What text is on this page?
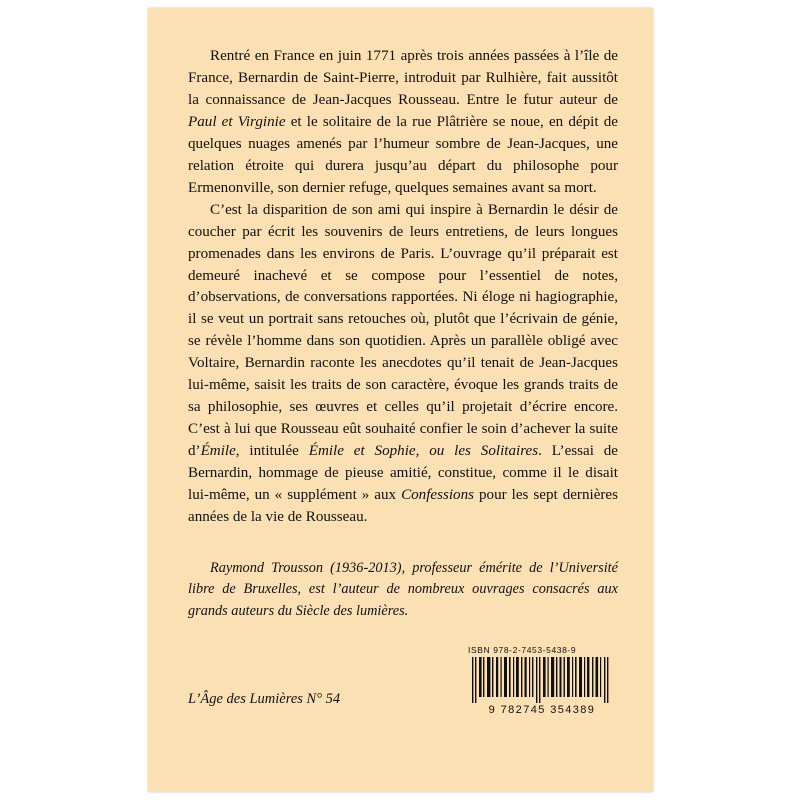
Rentré en France en juin 1771 après trois années passées à l’île de France, Bernardin de Saint-Pierre, introduit par Rulhière, fait aussitôt la connaissance de Jean-Jacques Rousseau. Entre le futur auteur de Paul et Virginie et le solitaire de la rue Plâtrière se noue, en dépit de quelques nuages amenés par l’humeur sombre de Jean-Jacques, une relation étroite qui durera jusqu’au départ du philosophe pour Ermenonville, son dernier refuge, quelques semaines avant sa mort.

C’est la disparition de son ami qui inspire à Bernardin le désir de coucher par écrit les souvenirs de leurs entretiens, de leurs longues promenades dans les environs de Paris. L’ouvrage qu’il préparait est demeuré inachevé et se compose pour l’essentiel de notes, d’observations, de conversations rapportées. Ni éloge ni hagiographie, il se veut un portrait sans retouches où, plutôt que l’écrivain de génie, se révèle l’homme dans son quotidien. Après un parallèle obligé avec Voltaire, Bernardin raconte les anecdotes qu’il tenait de Jean-Jacques lui-même, saisit les traits de son caractère, évoque les grands traits de sa philosophie, ses œuvres et celles qu’il projetait d’écrire encore. C’est à lui que Rousseau eût souhaité confier le soin d’achever la suite d’Émile, intitulée Émile et Sophie, ou les Solitaires. L’essai de Bernardin, hommage de pieuse amitié, constitue, comme il le disait lui-même, un « supplément » aux Confessions pour les sept dernières années de la vie de Rousseau.

Raymond Trousson (1936-2013), professeur émérite de l’Université libre de Bruxelles, est l’auteur de nombreux ouvrages consacrés aux grands auteurs du Siècle des lumières.
L’Âge des Lumières N° 54
ISBN 978-2-7453-5438-9
9 782745 354389
